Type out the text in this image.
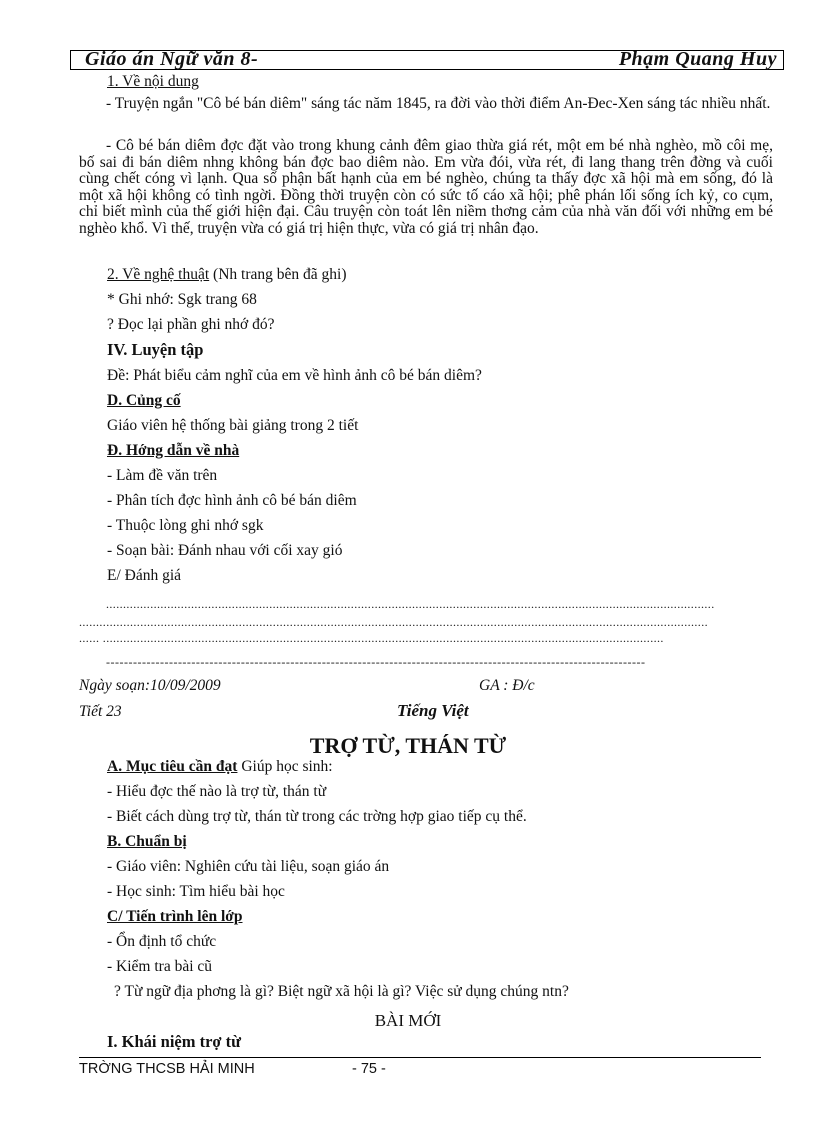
Giáo án Ngữ văn 8-	Phạm Quang Huy
1. Về nội dung
- Truyện ngắn "Cô bé bán diêm" sáng tác năm 1845, ra đời vào thời điểm An-Đec-Xen sáng tác nhiều nhất.
- Cô bé bán diêm đợc đặt vào trong khung cảnh đêm giao thừa giá rét, một em bé nhà nghèo, mồ côi mẹ, bố sai đi bán diêm nhng không bán đợc bao diêm nào. Em vừa đói, vừa rét, đi lang thang trên đờng và cuối cùng chết cóng vì lạnh. Qua số phận bất hạnh của em bé nghèo, chúng ta thấy đợc xã hội mà em sống, đó là một xã hội không có tình ngời. Đồng thời truyện còn có sức tố cáo xã hội; phê phán lối sống ích kỷ, co cụm, chỉ biết mình của thế giới hiện đại. Câu truyện còn toát lên niềm thơng cảm của nhà văn đối với những em bé nghèo khổ. Vì thế, truyện vừa có giá trị hiện thực, vừa có giá trị nhân đạo.
2. Về nghệ thuật (Nh trang bên đã ghi)
* Ghi nhớ: Sgk trang 68
? Đọc lại phần ghi nhớ đó?
IV. Luyện tập
Đề: Phát biểu cảm nghĩ của em về hình ảnh cô bé bán diêm?
D. Củng cố
Giáo viên hệ thống bài giảng trong 2 tiết
Đ. Hớng dẫn về nhà
- Làm đề văn trên
- Phân tích đợc hình ảnh cô bé bán diêm
- Thuộc lòng ghi nhớ sgk
- Soạn bài: Đánh nhau với cối xay gió
E/ Đánh giá
...................................................................................................................................................................................
.........................................................................................................................................................................................
...... .....................................................................................................................................................................
------------------------------------------------------------------------------------------------------------------------
Ngày soạn:10/09/2009	GA : Đ/c
Tiết 23	Tiếng Việt
TRỢ TỪ, THÁN TỪ
A. Mục tiêu cần đạt Giúp học sinh:
- Hiểu đợc thế nào là trợ từ, thán từ
- Biết cách dùng trợ từ, thán từ trong các trờng hợp giao tiếp cụ thể.
B. Chuẩn bị
- Giáo viên: Nghiên cứu tài liệu, soạn giáo án
- Học sinh: Tìm hiểu bài học
C/ Tiến trình lên lớp
- Ổn định tổ chức
- Kiểm tra bài cũ
? Từ ngữ địa phơng là gì? Biệt ngữ xã hội là gì? Việc sử dụng chúng ntn?
BÀI MỚI
I. Khái niệm trợ từ
TRỜNG THCSB HẢI MINH	- 75 -
